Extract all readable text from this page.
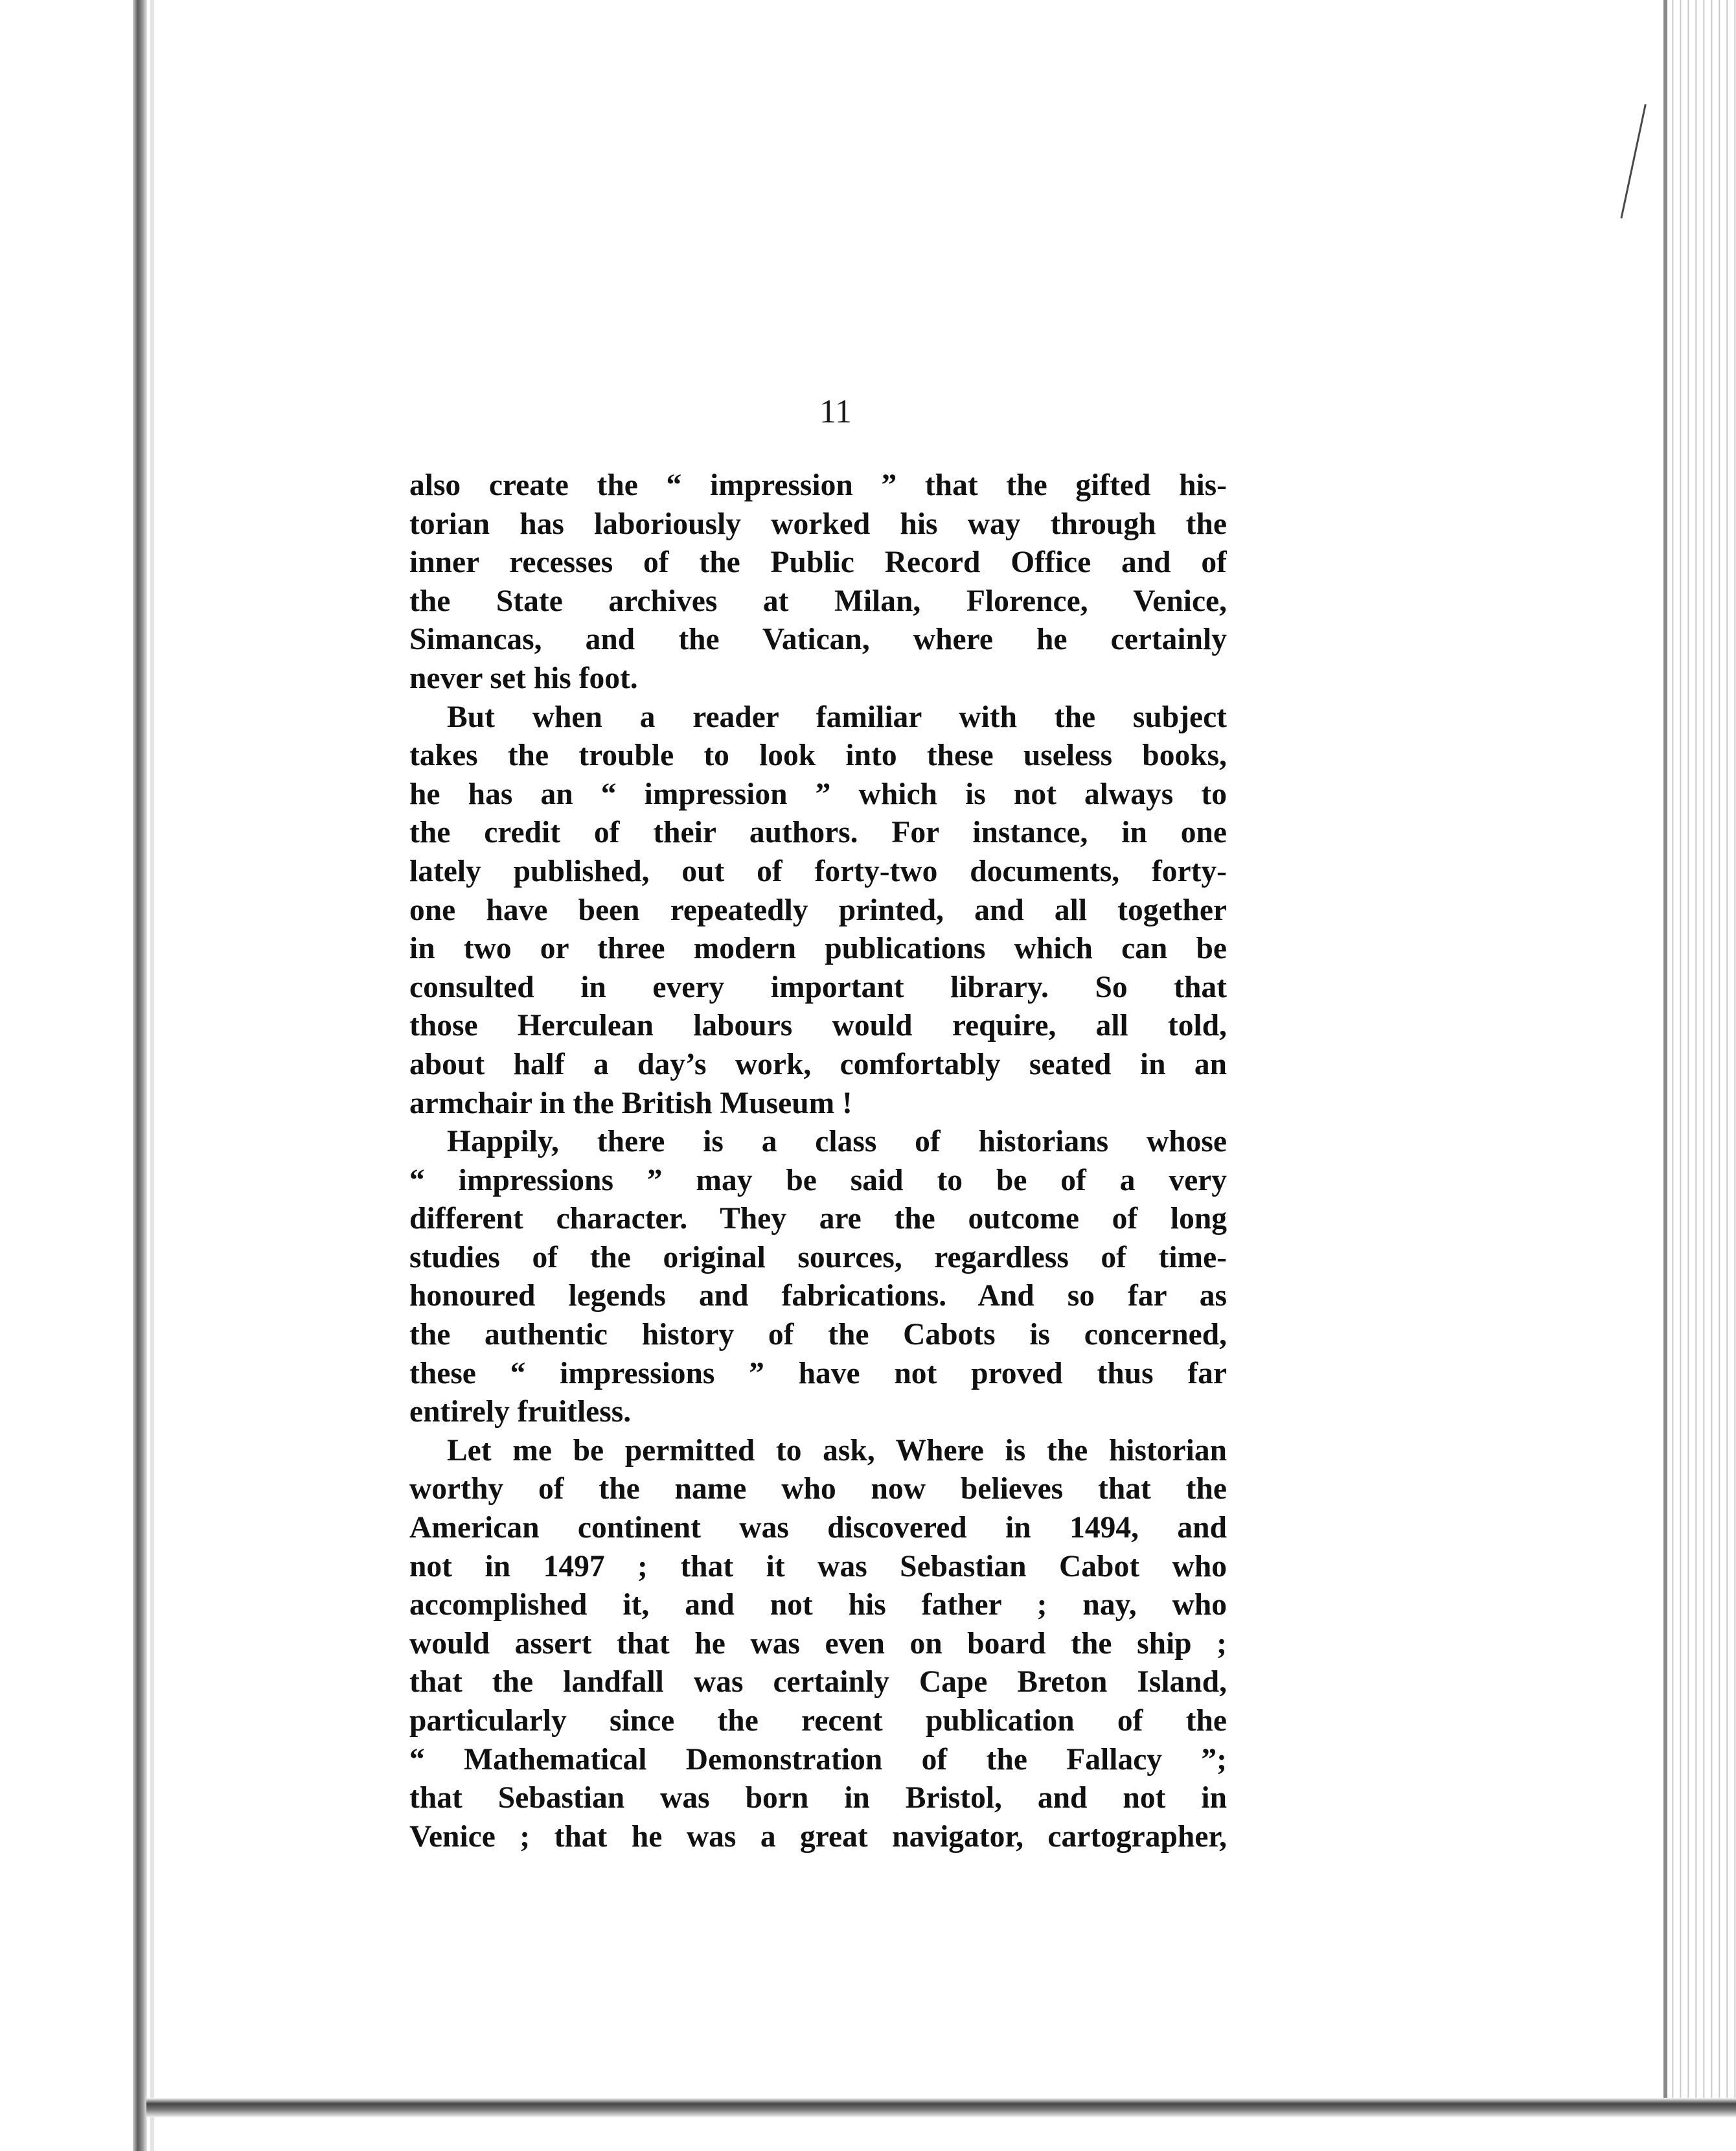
11
also create the “ impression ” that the gifted his-
torian has laboriously worked his way through the
inner recesses of the Public Record Office and of
the State archives at Milan, Florence, Venice,
Simancas, and the Vatican, where he certainly
never set his foot.
But when a reader familiar with the subject
takes the trouble to look into these useless books,
he has an “ impression ” which is not always to
the credit of their authors. For instance, in one
lately published, out of forty-two documents, forty-
one have been repeatedly printed, and all together
in two or three modern publications which can be
consulted in every important library. So that
those Herculean labours would require, all told,
about half a day’s work, comfortably seated in an
armchair in the British Museum !
Happily, there is a class of historians whose
“ impressions ” may be said to be of a very
different character. They are the outcome of long
studies of the original sources, regardless of time-
honoured legends and fabrications. And so far as
the authentic history of the Cabots is concerned,
these “ impressions ” have not proved thus far
entirely fruitless.
Let me be permitted to ask, Where is the historian
worthy of the name who now believes that the
American continent was discovered in 1494, and
not in 1497 ; that it was Sebastian Cabot who
accomplished it, and not his father ; nay, who
would assert that he was even on board the ship ;
that the landfall was certainly Cape Breton Island,
particularly since the recent publication of the
“ Mathematical Demonstration of the Fallacy ”;
that Sebastian was born in Bristol, and not in
Venice ; that he was a great navigator, cartographer,
